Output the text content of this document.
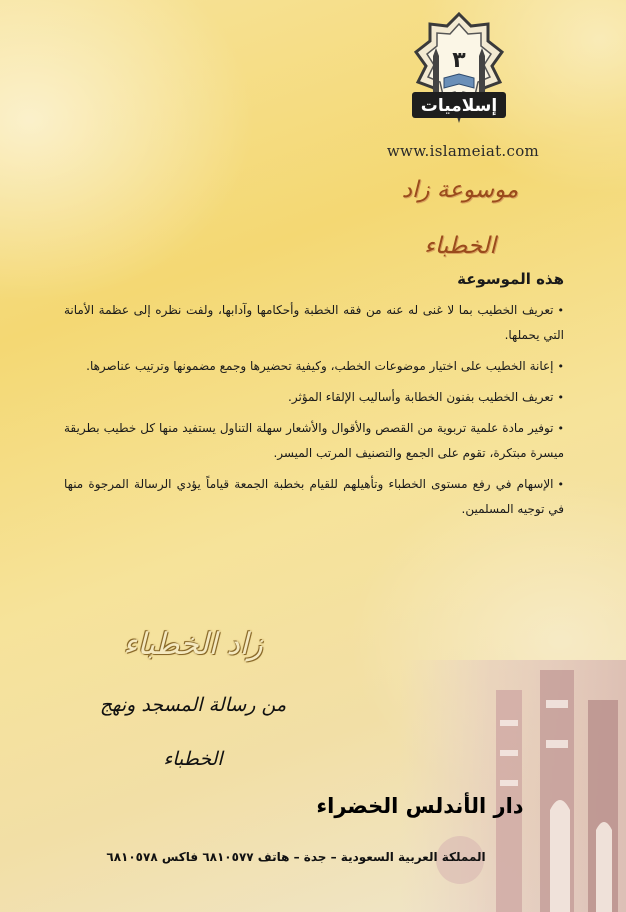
٣
إسلاميات
www.islameiat.com
موسوعة زاد الخطباء
هذه الموسوعة

•تعريف الخطيب بما لا غنى له عنه من فقه الخطبة وأحكامها وآدابها، ولفت نظره إلى عظمة الأمانة التي يحملها.

•إعانة الخطيب على اختيار موضوعات الخطب، وكيفية تحضيرها وجمع مضمونها وترتيب عناصرها.

•تعريف الخطيب بفنون الخطابة وأساليب الإلقاء المؤثر.

•توفير مادة علمية تربوية من القصص والأقوال والأشعار سهلة التناول يستفيد منها كل خطيب بطريقة ميسرة مبتكرة، تقوم على الجمع والتصنيف المرتب الميسر.

•الإسهام في رفع مستوى الخطباء وتأهيلهم للقيام بخطبة الجمعة قياماً يؤدي الرسالة المرجوة منها في توجيه المسلمين.

زاد الخطباء
من رسالة المسجد ونهج الخطباء
دار الأندلس الخضراء
المملكة العربية السعودية – جدة – هاتف ٦٨١٠٥٧٧ فاكس ٦٨١٠٥٧٨
